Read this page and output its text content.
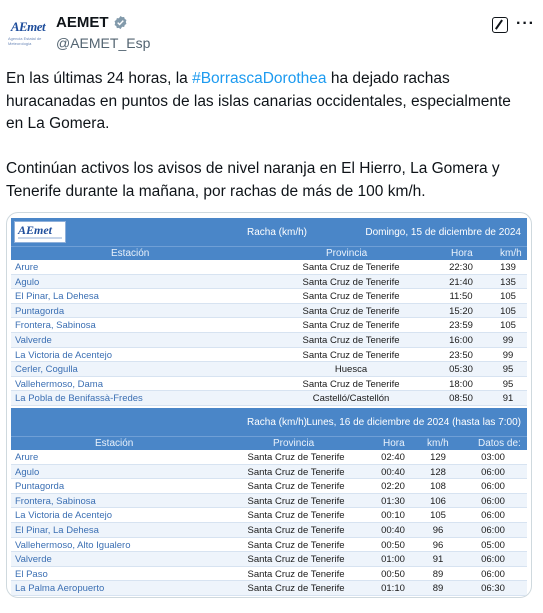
AEmet
Agencia Estatal de Meteorología
AEMET
@AEMET_Esp
···

En las últimas 24 horas, la #BorrascaDorothea ha dejado rachas huracanadas en puntos de las islas canarias occidentales, especialmente en La Gomera.

Continúan activos los avisos de nivel naranja en El Hierro, La Gomera y Tenerife durante la mañana, por rachas de más de 100 km/h.

AEmet	Racha (km/h)	Domingo, 15 de diciembre de 2024
Estación	Provincia	Hora	km/h
Arure	Santa Cruz de Tenerife	22:30	139
Agulo	Santa Cruz de Tenerife	21:40	135
El Pinar, La Dehesa	Santa Cruz de Tenerife	11:50	105
Puntagorda	Santa Cruz de Tenerife	15:20	105
Frontera, Sabinosa	Santa Cruz de Tenerife	23:59	105
Valverde	Santa Cruz de Tenerife	16:00	99
La Victoria de Acentejo	Santa Cruz de Tenerife	23:50	99
Cerler, Cogulla	Huesca	05:30	95
Vallehermoso, Dama	Santa Cruz de Tenerife	18:00	95
La Pobla de Benifassà-Fredes	Castelló/Castellón	08:50	91
Racha (km/h) Lunes, 16 de diciembre de 2024 (hasta las 7:00)
Estación	Provincia	Hora km/h	Datos de:
Arure	Santa Cruz de Tenerife	02:40	129	03:00
Agulo	Santa Cruz de Tenerife	00:40	128	06:00
Puntagorda	Santa Cruz de Tenerife	02:20	108	06:00
Frontera, Sabinosa	Santa Cruz de Tenerife	01:30	106	06:00
La Victoria de Acentejo	Santa Cruz de Tenerife	00:10	105	06:00
El Pinar, La Dehesa	Santa Cruz de Tenerife	00:40	96	06:00
Vallehermoso, Alto Igualero	Santa Cruz de Tenerife	00:50	96	05:00
Valverde	Santa Cruz de Tenerife	01:00	91	06:00
El Paso	Santa Cruz de Tenerife	00:50	89	06:00
La Palma Aeropuerto	Santa Cruz de Tenerife	01:10	89	06:30
